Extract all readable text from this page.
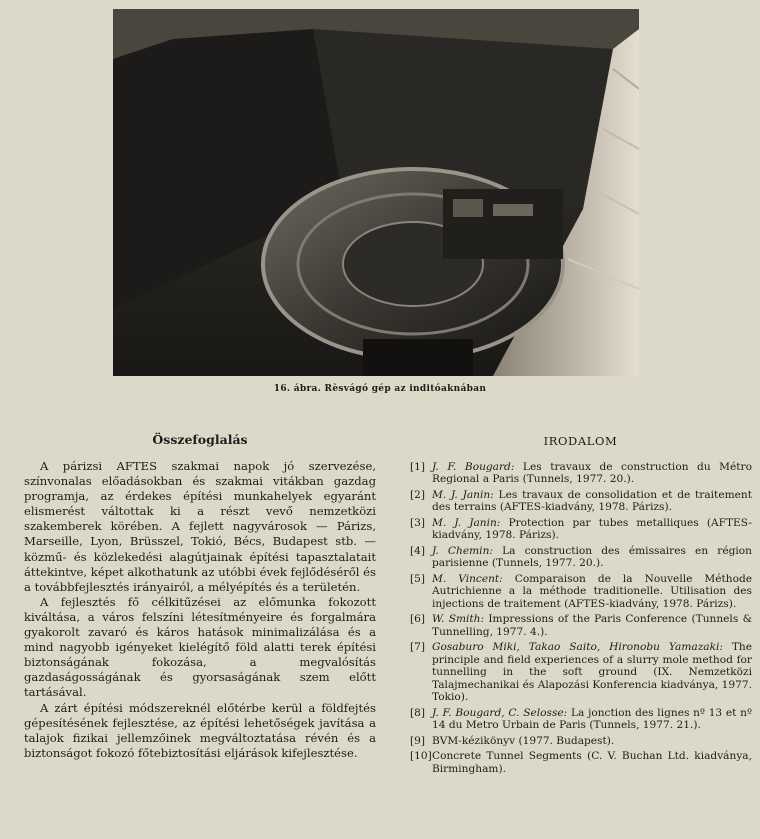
16. ábra. Rèsvágó gép az inditóaknában
Összefoglalás	IRODALOM

A párizsi AFTES szakmai napok jó szervezése, színvonalas előadásokban és szakmai vitákban gazdag programja, az érdekes építési munkahelyek egyaránt elismerést váltottak ki a részt vevő nemzetközi szakemberek körében. A fejlett nagyvárosok — Párizs, Marseille, Lyon, Brüsszel, Tokió, Bécs, Budapest stb. — közmű- és közlekedési alagútjainak építési tapasztalatait áttekintve, képet alkothatunk az utóbbi évek fejlődéséről és a továbbfejlesztés irányairól, a mélyépítés és a területén.

A fejlesztés fő célkitűzései az előmunka fokozott kiváltása, a város felszíni létesítményeire és forgalmára gyakorolt zavaró és káros hatások minimalizálása és a mind nagyobb igényeket kielégítő föld alatti terek építési biztonságának fokozása, a megvalósítás gazdaságosságának és gyorsaságának szem előtt tartásával.

A zárt építési módszereknél előtérbe kerül a földfejtés gépesítésének fejlesztése, az építési lehetőségek javítása a talajok fizikai jellemzőinek megváltoztatása révén és a biztonságot fokozó főtebiztosítási eljárások kifejlesztése.

[1] J. F. Bougard: Les travaux de construction du Métro Regional a Paris (Tunnels, 1977. 20.).
[2] M. J. Janin: Les travaux de consolidation et de traitement des terrains (AFTES-kiadvány, 1978. Párizs).
[3] M. J. Janin: Protection par tubes metalliques (AFTES-kiadvány, 1978. Párizs).
[4] J. Chemin: La construction des émissaires en région parisienne (Tunnels, 1977. 20.).
[5] M. Vincent: Comparaison de la Nouvelle Méthode Autrichienne a la méthode traditionelle. Utilisation des injections de traitement (AFTES-kiadvány, 1978. Párizs).
[6] W. Smith: Impressions of the Paris Conference (Tunnels & Tunnelling, 1977. 4.).
[7] Gosaburo Miki, Takao Saito, Hironobu Yamazaki: The principle and field experiences of a slurry mole method for tunnelling in the soft ground (IX. Nemzetközi Talajmechanikai és Alapozási Konferencia kiadványa, 1977. Tokio).
[8] J. F. Bougard, C. Selosse: La jonction des lignes nº 13 et nº 14 du Metro Urbain de Paris (Tunnels, 1977. 21.).
[9] BVM-kézikönyv (1977. Budapest).
[10] Concrete Tunnel Segments (C. V. Buchan Ltd. kiadványa, Birmingham).
